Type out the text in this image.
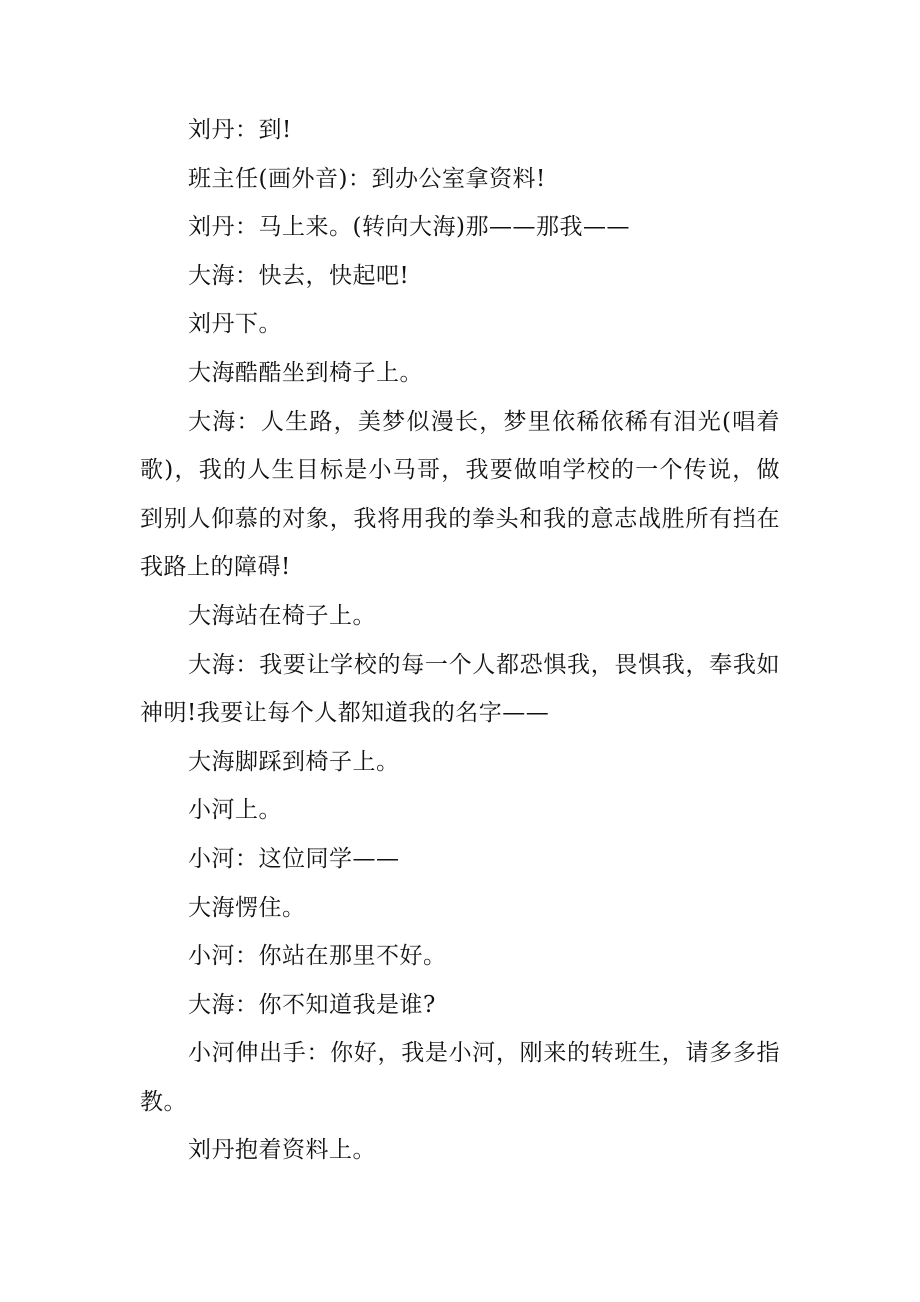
刘丹：到!

班主任(画外音)：到办公室拿资料!

刘丹：马上来。(转向大海)那——那我——

大海：快去，快起吧!

刘丹下。

大海酷酷坐到椅子上。

大海：人生路，美梦似漫长，梦里依稀依稀有泪光(唱着歌)，我的人生目标是小马哥，我要做咱学校的一个传说，做到别人仰慕的对象，我将用我的拳头和我的意志战胜所有挡在我路上的障碍!

大海站在椅子上。

大海：我要让学校的每一个人都恐惧我，畏惧我，奉我如神明!我要让每个人都知道我的名字——

大海脚踩到椅子上。

小河上。

小河：这位同学——

大海愣住。

小河：你站在那里不好。

大海：你不知道我是谁?

小河伸出手：你好，我是小河，刚来的转班生，请多多指教。

刘丹抱着资料上。
